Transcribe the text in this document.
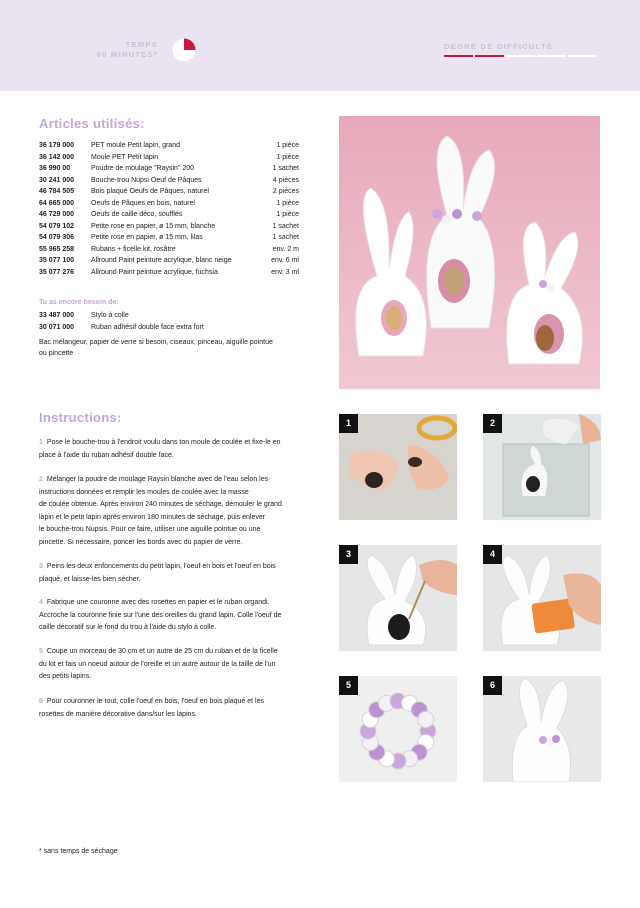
TEMPS
60 MINUTES*
DEGRÉ DE DIFFICULTÉ
Articles utilisés:
36 179 000 PET moule Petit lapin, grand	1 pièce
36 142 000 Moule PET Petit lapin	1 pièce
36 990 00	Poudre de moulage "Raysin" 200	1 sachet
30 241 000 Bouche-trou Nupsi Oeuf de Pâques	4 pièces
46 784 505 Bois plaqué Oeufs de Pâques, naturel	2 pièces
64 665 000 Oeufs de Pâques en bois, naturel	1 pièce
46 729 000 Oeufs de caille déco, soufflés	1 pièce
54 079 102 Petite rose en papier, ø 15 mm, blanche	1 sachet
54 079 306 Petite rose en papier, ø 15 mm, lilas	1 sachet
55 965 258 Rubans + ficelle kit, rosâtre	env. 2 m
35 077 100 Allround Paint peinture acrylique, blanc neige	env. 6 ml
35 077 276 Allround Paint peinture acrylique, fuchsia	env. 3 ml
Tu as encore besoin de:
33 487 000 Stylo à colle
30 071 000 Ruban adhésif double face extra fort
Bac mélangeur, papier de verre si besoin, ciseaux, pinceau, aiguille pointue
ou pincette
Instructions:
1 Pose le bouche-trou à l'endroit voulu dans ton moule de coulée et fixe-le en
place à l'aide du ruban adhésif double face.
2 Mélanger la poudre de moulage Raysin blanche avec de l'eau selon les
instructions données et remplir les moules de coulée avec la masse
de coulée obtenue. Après environ 240 minutes de séchage, démouler le grand
lapin et le petit lapin après environ 180 minutes de séchage, puis enlever
le bouche-trou Nupsis. Pour ce faire, utiliser une aiguille pointue ou une
pincette. Si nécessaire, poncer les bords avec du papier de verre.
3 Peins les deux enfoncements du petit lapin, l'oeuf en bois et l'oeuf en bois
plaqué, et laisse-les bien sécher.
4 Fabrique une couronne avec des rosettes en papier et le ruban organdi.
Accroche la couronne finie sur l'une des oreilles du grand lapin. Colle l'oeuf de
caille décoratif sur le fond du trou à l'aide du stylo à colle.
5 Coupe un morceau de 30 cm et un autre de 25 cm du ruban et de la ficelle
du kit et fais un noeud autour de l'oreille et un autre autour de la taille de l'un
des petits lapins.
6 Pour couronner le tout, colle l'oeuf en bois, l'oeuf en bois plaqué et les
rosettes de manière décorative dans/sur les lapins.
1	2
3	4
5	6
* sans temps de séchage
